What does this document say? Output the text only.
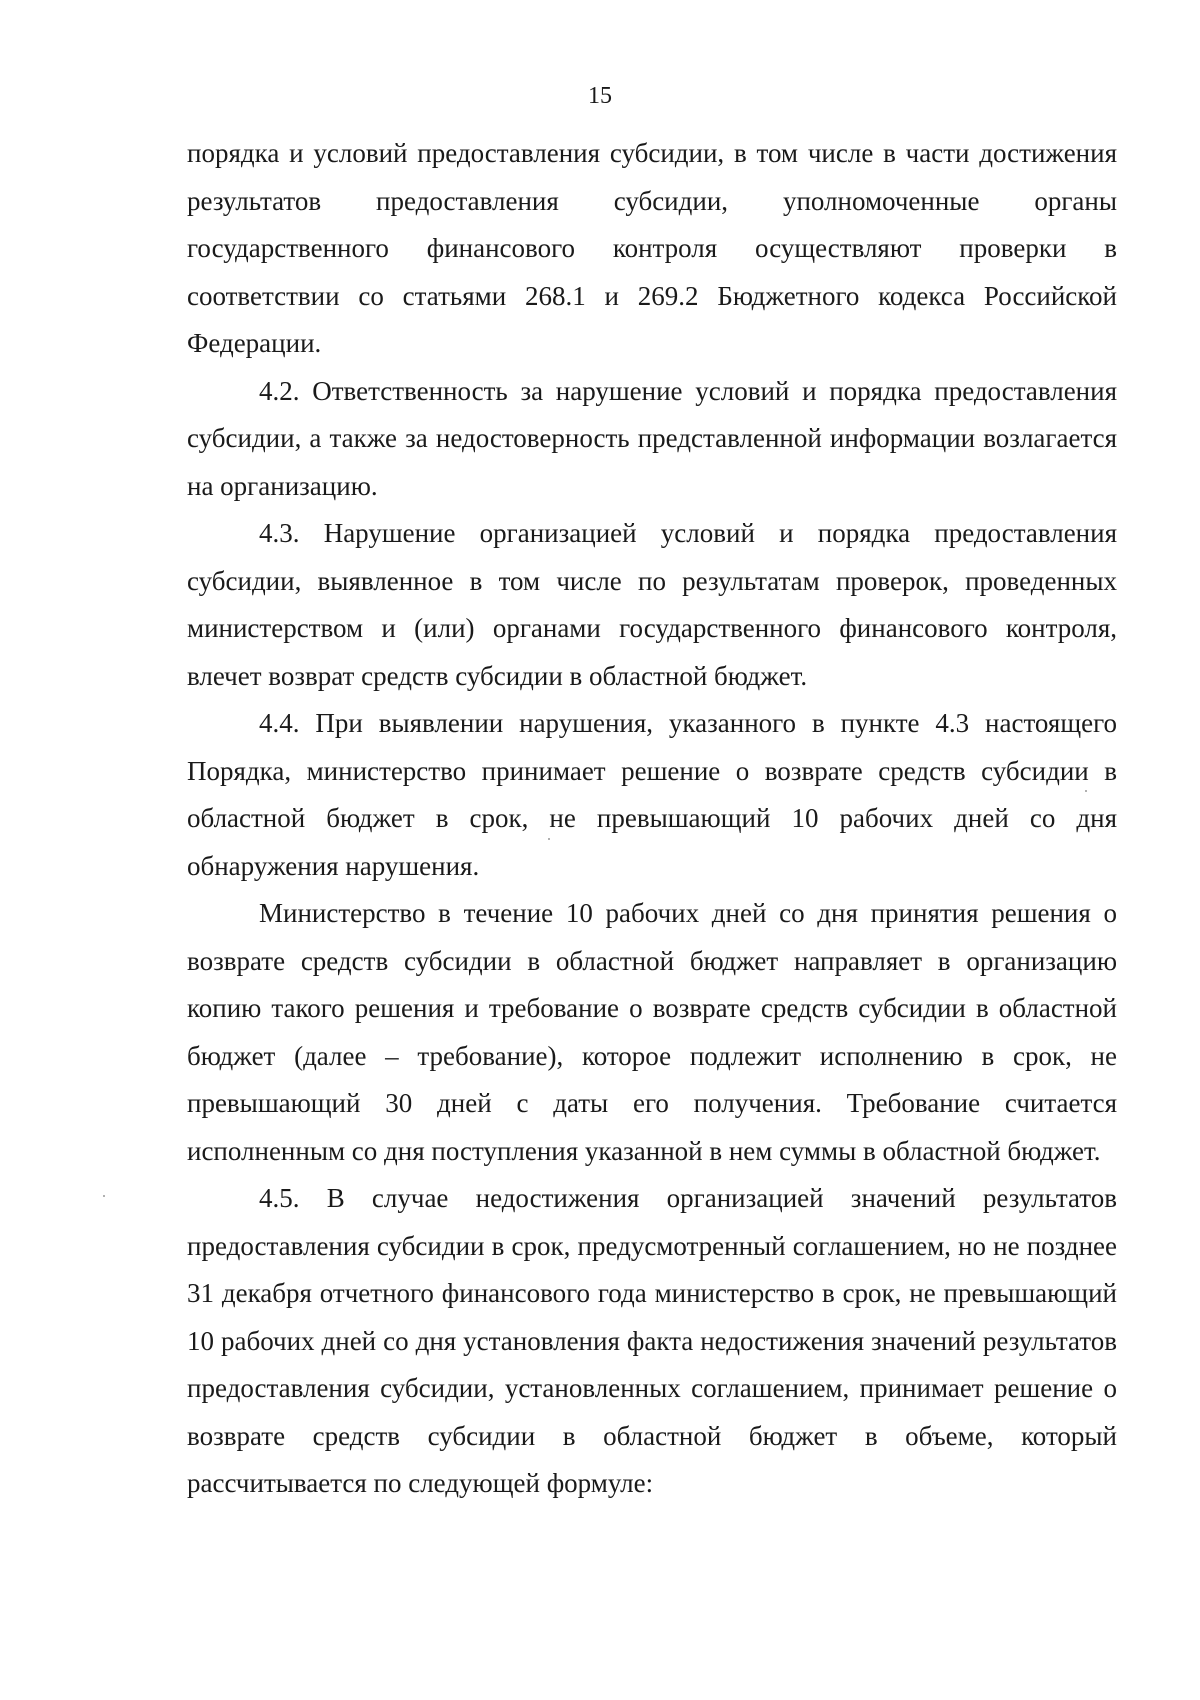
15

порядка и условий предоставления субсидии, в том числе в части достижения результатов предоставления субсидии, уполномоченные органы государственного финансового контроля осуществляют проверки в соответствии со статьями 268.1 и 269.2 Бюджетного кодекса Российской Федерации.

4.2. Ответственность за нарушение условий и порядка предоставления субсидии, а также за недостоверность представленной информации возлагается на организацию.

4.3. Нарушение организацией условий и порядка предоставления субсидии, выявленное в том числе по результатам проверок, проведенных министерством и (или) органами государственного финансового контроля, влечет возврат средств субсидии в областной бюджет.

4.4. При выявлении нарушения, указанного в пункте 4.3 настоящего Порядка, министерство принимает решение о возврате средств субсидии в областной бюджет в срок, не превышающий 10 рабочих дней со дня обнаружения нарушения.

Министерство в течение 10 рабочих дней со дня принятия решения о возврате средств субсидии в областной бюджет направляет в организацию копию такого решения и требование о возврате средств субсидии в областной бюджет (далее – требование), которое подлежит исполнению в срок, не превышающий 30 дней с даты его получения. Требование считается исполненным со дня поступления указанной в нем суммы в областной бюджет.

4.5. В случае недостижения организацией значений результатов предоставления субсидии в срок, предусмотренный соглашением, но не позднее 31 декабря отчетного финансового года министерство в срок, не превышающий 10 рабочих дней со дня установления факта недостижения значений результатов предоставления субсидии, установленных соглашением, принимает решение о возврате средств субсидии в областной бюджет в объеме, который рассчитывается по следующей формуле:
